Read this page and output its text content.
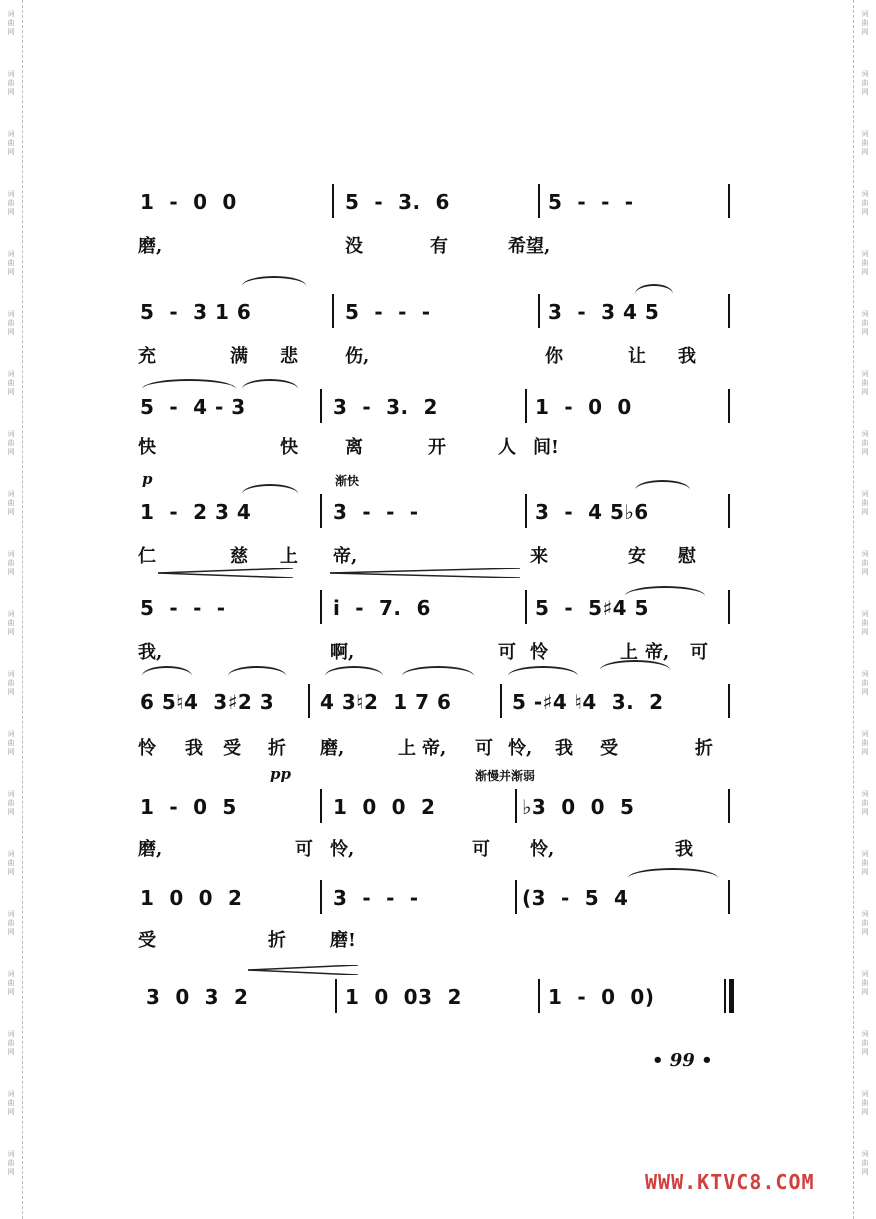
词
曲
网
词
曲
网
词
曲
网
词
曲
网
词
曲
网
词
曲
网
词
曲
网
词
曲
网
词
曲
网
词
曲
网
词
曲
网
词
曲
网
词
曲
网
词
曲
网
词
曲
网
词
曲
网
词
曲
网
词
曲
网
词
曲
网
词
曲
网
词
曲
网
词
曲
网
词
曲
网
词
曲
网
词
曲
网
词
曲
网
词
曲
网
词
曲
网
词
曲
网
词
曲
网
词
曲
网
词
曲
网
词
曲
网
词
曲
网
词
曲
网
词
曲
网
词
曲
网
词
曲
网
词
曲
网
词
曲
网
1  -  0  0	5  -  3.  6	5  -  -  -
磨,	没	有	希望,
5  -  3 1 6	5  -  -  -	3  -  3 4 5
充	满	悲	伤,	你	让	我
5  -  4 - 3	3  -  3.  2	1  -  0  0
快	快	离	开	人 间!
p	渐快
1  -  2 3 4	3  -  -  -	3  -  4 5♭6
仁	慈	上	帝,	来	安	慰
5  -  -  -	i  -  7.  6	5  -  5♯4 5
我,	啊,	可 怜	上 帝,	可
6 5♮4  3♯2 3	4 3♮2  1 7 6	5 -♯4 ♮4  3.  2
怜	我	受	折	磨,	上 帝,	可 怜,	我	受	折
pp	渐慢并渐弱
1  -  0  5	1  0  0  2	♭3  0  0  5
磨,	可 怜,	可	怜,	我
1  0  0  2	3  -  -  -	(3  -  5  4
受	折	磨!
3  0  3  2	1  0  03  2	1  -  0  0)
• 99 •
WWW.KTVC8.COM
